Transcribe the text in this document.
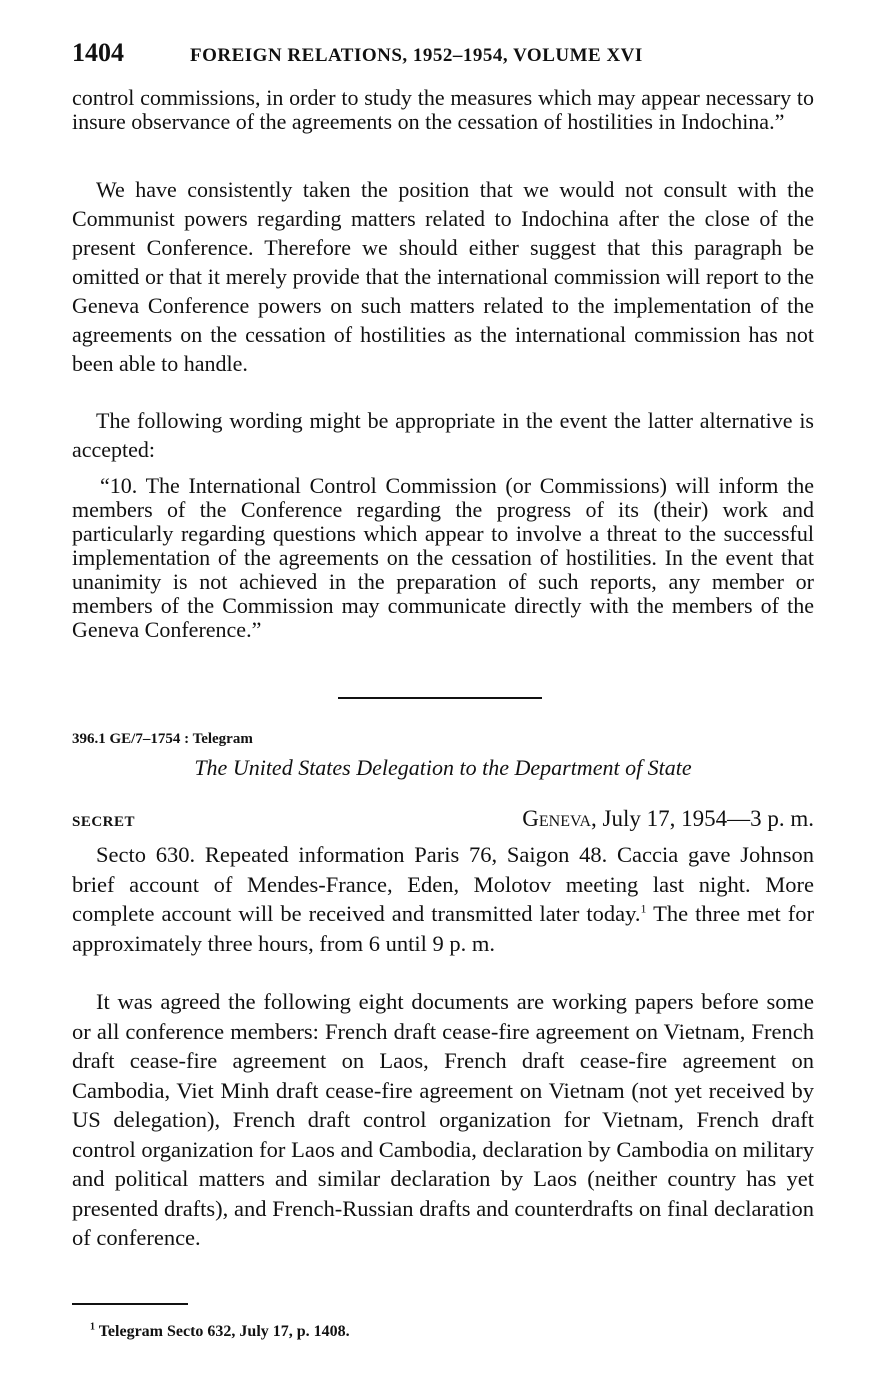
1404	FOREIGN RELATIONS, 1952–1954, VOLUME XVI
control commissions, in order to study the measures which may appear necessary to insure observance of the agreements on the cessation of hostilities in Indochina.”
We have consistently taken the position that we would not consult with the Communist powers regarding matters related to Indochina after the close of the present Conference. Therefore we should either suggest that this paragraph be omitted or that it merely provide that the international commission will report to the Geneva Conference powers on such matters related to the implementation of the agreements on the cessation of hostilities as the international commission has not been able to handle.
The following wording might be appropriate in the event the latter alternative is accepted:
“10. The International Control Commission (or Commissions) will inform the members of the Conference regarding the progress of its (their) work and particularly regarding questions which appear to involve a threat to the successful implementation of the agreements on the cessation of hostilities. In the event that unanimity is not achieved in the preparation of such reports, any member or members of the Commission may communicate directly with the members of the Geneva Conference.”
396.1 GE/7–1754 : Telegram
The United States Delegation to the Department of State
SECRET	Geneva, July 17, 1954—3 p. m.
Secto 630. Repeated information Paris 76, Saigon 48. Caccia gave Johnson brief account of Mendes-France, Eden, Molotov meeting last night. More complete account will be received and transmitted later today.$^1$ The three met for approximately three hours, from 6 until 9 p. m.
It was agreed the following eight documents are working papers before some or all conference members: French draft cease-fire agreement on Vietnam, French draft cease-fire agreement on Laos, French draft cease-fire agreement on Cambodia, Viet Minh draft cease-fire agreement on Vietnam (not yet received by US delegation), French draft control organization for Vietnam, French draft control organization for Laos and Cambodia, declaration by Cambodia on military and political matters and similar declaration by Laos (neither country has yet presented drafts), and French-Russian drafts and counterdrafts on final declaration of conference.
$^1$ Telegram Secto 632, July 17, p. 1408.
